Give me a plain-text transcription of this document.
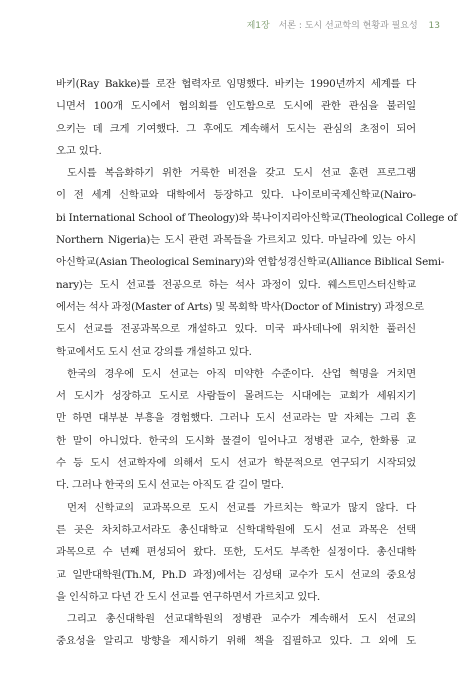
제1장 서론 : 도시 선교학의 현황과 필요성 13
바키(Ray Bakke)를 로잔 협력자로 임명했다. 바키는 1990년까지 세계를 다
니면서 100개 도시에서 협의회를 인도함으로 도시에 관한 관심을 불러일
으키는 데 크게 기여했다. 그 후에도 계속해서 도시는 관심의 초점이 되어
오고 있다.
도시를 복음화하기 위한 거룩한 비전을 갖고 도시 선교 훈련 프로그램
이 전 세계 신학교와 대학에서 등장하고 있다. 나이로비국제신학교(Nairo-
bi International School of Theology)와 북나이지리아신학교(Theological College of
Northern Nigeria)는 도시 관련 과목들을 가르치고 있다. 마닐라에 있는 아시
아신학교(Asian Theological Seminary)와 연합성경신학교(Alliance Biblical Semi-
nary)는 도시 선교를 전공으로 하는 석사 과정이 있다. 웨스트민스터신학교
에서는 석사 과정(Master of Arts) 및 목회학 박사(Doctor of Ministry) 과정으로
도시 선교를 전공과목으로 개설하고 있다. 미국 파사데나에 위치한 풀러신
학교에서도 도시 선교 강의를 개설하고 있다.
한국의 경우에 도시 선교는 아직 미약한 수준이다. 산업 혁명을 거치면
서 도시가 성장하고 도시로 사람들이 몰려드는 시대에는 교회가 세워지기
만 하면 대부분 부흥을 경험했다. 그러나 도시 선교라는 말 자체는 그리 흔
한 말이 아니었다. 한국의 도시화 물결이 일어나고 정병관 교수, 한화룡 교
수 등 도시 선교학자에 의해서 도시 선교가 학문적으로 연구되기 시작되었
다. 그러나 한국의 도시 선교는 아직도 갈 길이 멀다.
먼저 신학교의 교과목으로 도시 선교를 가르치는 학교가 많지 않다. 다
른 곳은 차치하고서라도 총신대학교 신학대학원에 도시 선교 과목은 선택
과목으로 수 년째 편성되어 왔다. 또한, 도서도 부족한 실정이다. 총신대학
교 일반대학원(Th.M, Ph.D 과정)에서는 김성태 교수가 도시 선교의 중요성
을 인식하고 다년 간 도시 선교를 연구하면서 가르치고 있다.
그리고 총신대학원 선교대학원의 정병관 교수가 계속해서 도시 선교의
중요성을 알리고 방향을 제시하기 위해 책을 집필하고 있다. 그 외에 도
